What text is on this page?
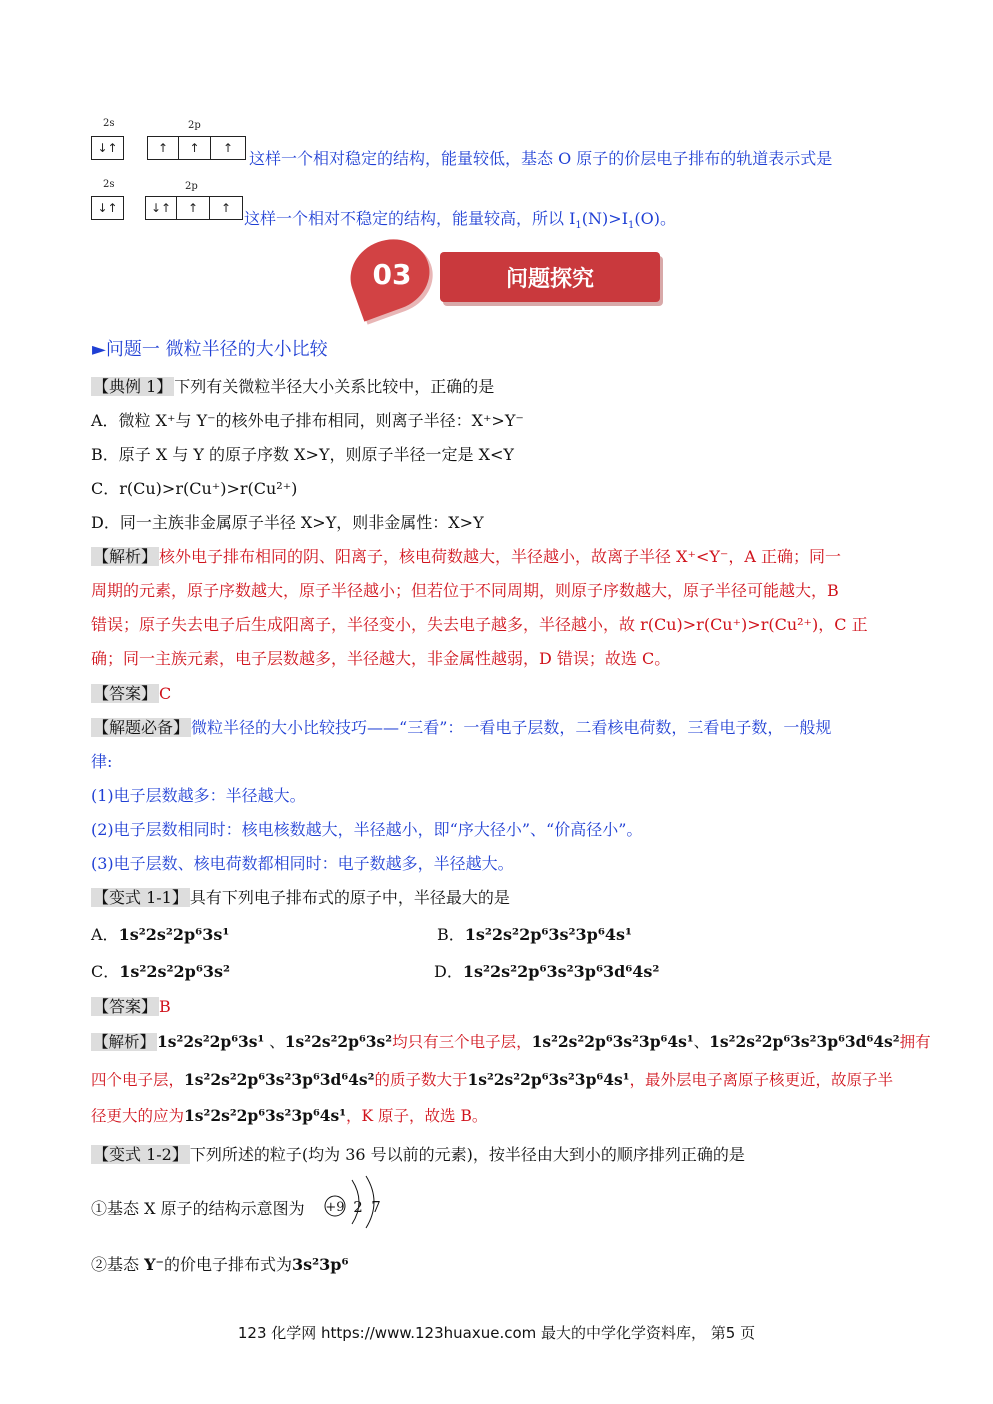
2s	2p
↓↑	↑	↑	↑
这样一个相对稳定的结构，能量较低，基态 O 原子的价层电子排布的轨道表示式是
2s	2p
↓↑	↓↑	↑	↑
这样一个相对不稳定的结构，能量较高，所以 $I_1(N)>I_1(O)$。
03	问题探究
►问题一 微粒半径的大小比较
【典例 1】 下列有关微粒半径大小关系比较中，正确的是
A．微粒 X⁺与 Y⁻的核外电子排布相同，则离子半径：X⁺>Y⁻
B．原子 X 与 Y 的原子序数 X>Y，则原子半径一定是 X<Y
C．r(Cu)>r(Cu⁺)>r(Cu²⁺)
D．同一主族非金属原子半径 X>Y，则非金属性：X>Y
【解析】 核外电子排布相同的阴、阳离子，核电荷数越大，半径越小，故离子半径 X⁺<Y⁻，A 正确；同一
周期的元素，原子序数越大，原子半径越小；但若位于不同周期，则原子序数越大，原子半径可能越大，B
错误；原子失去电子后生成阳离子，半径变小，失去电子越多，半径越小，故 r(Cu)>r(Cu⁺)>r(Cu²⁺)，C 正
确；同一主族元素，电子层数越多，半径越大，非金属性越弱，D 错误；故选 C。
【答案】 C
【解题必备】 微粒半径的大小比较技巧——“三看”：一看电子层数，二看核电荷数，三看电子数，一般规
律:
(1)电子层数越多：半径越大。
(2)电子层数相同时：核电核数越大，半径越小，即“序大径小”、“价高径小”。
(3)电子层数、核电荷数都相同时：电子数越多，半径越大。
【变式 1-1】 具有下列电子排布式的原子中，半径最大的是
A．1s²2s²2p⁶3s¹	B．1s²2s²2p⁶3s²3p⁶4s¹
C．1s²2s²2p⁶3s²	D．1s²2s²2p⁶3s²3p⁶3d⁶4s²
【答案】 B
【解析】 1s²2s²2p⁶3s¹ 、1s²2s²2p⁶3s²均只有三个电子层，1s²2s²2p⁶3s²3p⁶4s¹、1s²2s²2p⁶3s²3p⁶3d⁶4s²拥有
四个电子层，1s²2s²2p⁶3s²3p⁶3d⁶4s²的质子数大于1s²2s²2p⁶3s²3p⁶4s¹，最外层电子离原子核更近，故原子半
径更大的应为1s²2s²2p⁶3s²3p⁶4s¹，K 原子，故选 B。
【变式 1-2】 下列所述的粒子(均为 36 号以前的元素)，按半径由大到小的顺序排列正确的是
①基态 X 原子的结构示意图为 +9 2 7
②基态 Y⁻的价电子排布式为3s²3p⁶
123 化学网 https://www.123huaxue.com 最大的中学化学资料库， 第5 页
